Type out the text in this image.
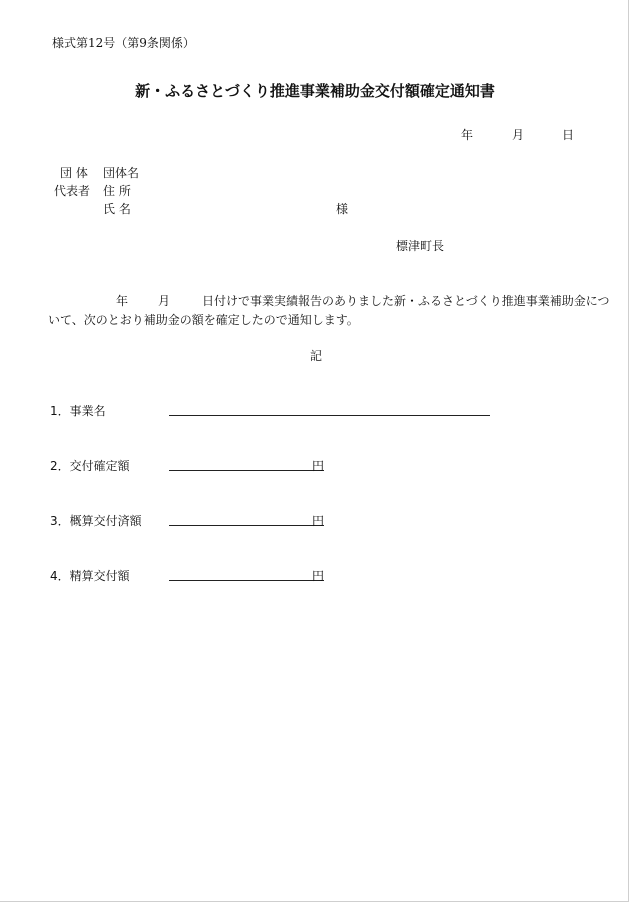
様式第12号（第9条関係）
新・ふるさとづくり推進事業補助金交付額確定通知書
年	月	日
団 体 団体名
代表者 住 所
氏 名	様
標津町長
年 月	日付けで事業実績報告のありました新・ふるさとづくり推進事業補助金につ
いて、次のとおり補助金の額を確定したので通知します。
記
1．事業名
2．交付確定額	円
3．概算交付済額	円
4．精算交付額	円
